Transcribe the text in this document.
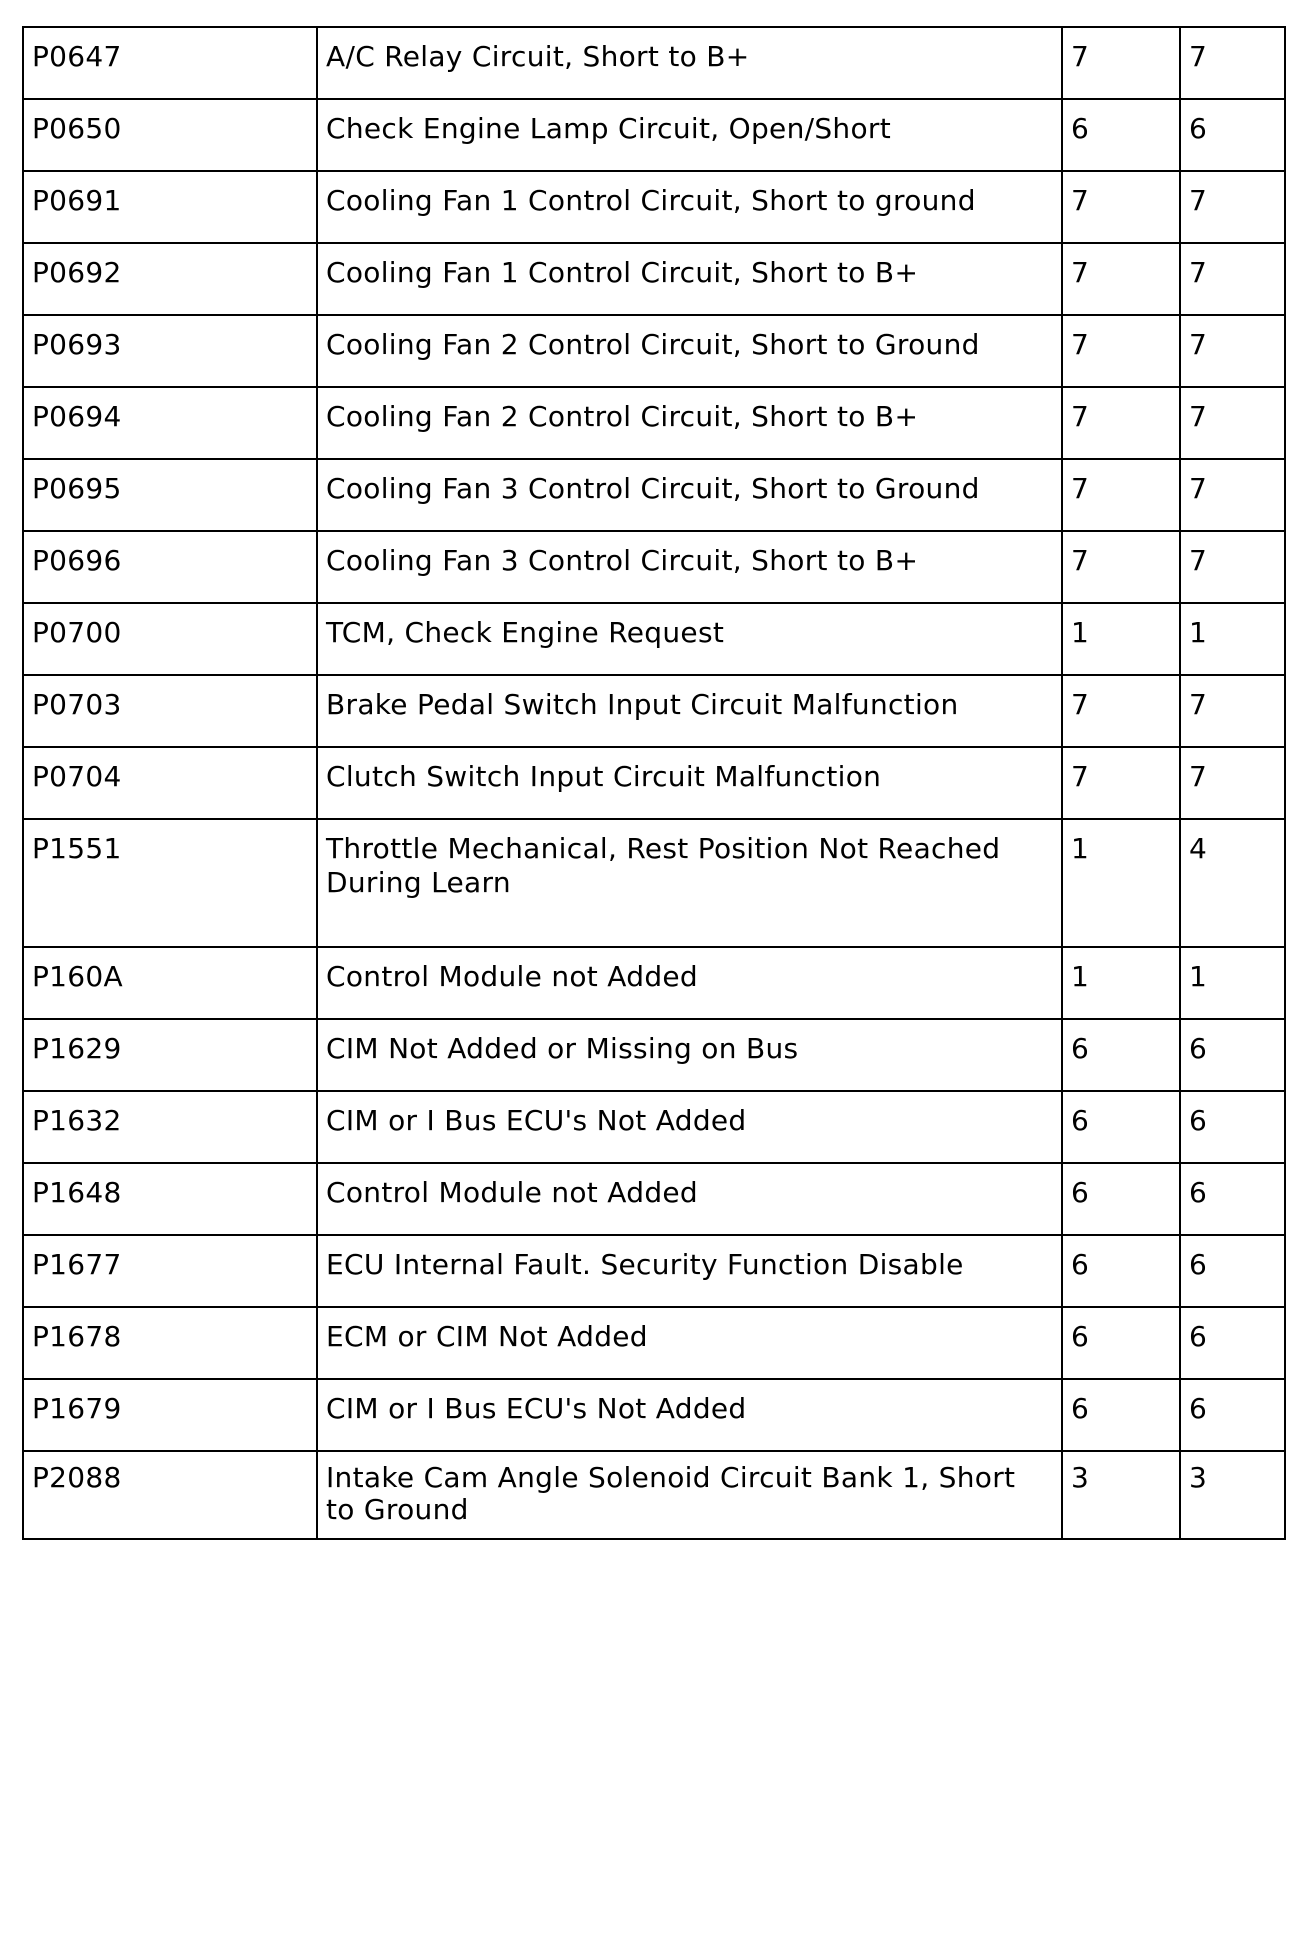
P0647	A/C Relay Circuit, Short to B+	7	7
P0650	Check Engine Lamp Circuit, Open/Short	6	6
P0691	Cooling Fan 1 Control Circuit, Short to ground	7	7
P0692	Cooling Fan 1 Control Circuit, Short to B+	7	7
P0693	Cooling Fan 2 Control Circuit, Short to Ground	7	7
P0694	Cooling Fan 2 Control Circuit, Short to B+	7	7
P0695	Cooling Fan 3 Control Circuit, Short to Ground	7	7
P0696	Cooling Fan 3 Control Circuit, Short to B+	7	7
P0700	TCM, Check Engine Request	1	1
P0703	Brake Pedal Switch Input Circuit Malfunction	7	7
P0704	Clutch Switch Input Circuit Malfunction	7	7
P1551	Throttle Mechanical, Rest Position Not Reached During Learn	1	4
P160A	Control Module not Added	1	1
P1629	CIM Not Added or Missing on Bus	6	6
P1632	CIM or I Bus ECU's Not Added	6	6
P1648	Control Module not Added	6	6
P1677	ECU Internal Fault. Security Function Disable	6	6
P1678	ECM or CIM Not Added	6	6
P1679	CIM or I Bus ECU's Not Added	6	6
P2088	Intake Cam Angle Solenoid Circuit Bank 1, Short to Ground	3	3
